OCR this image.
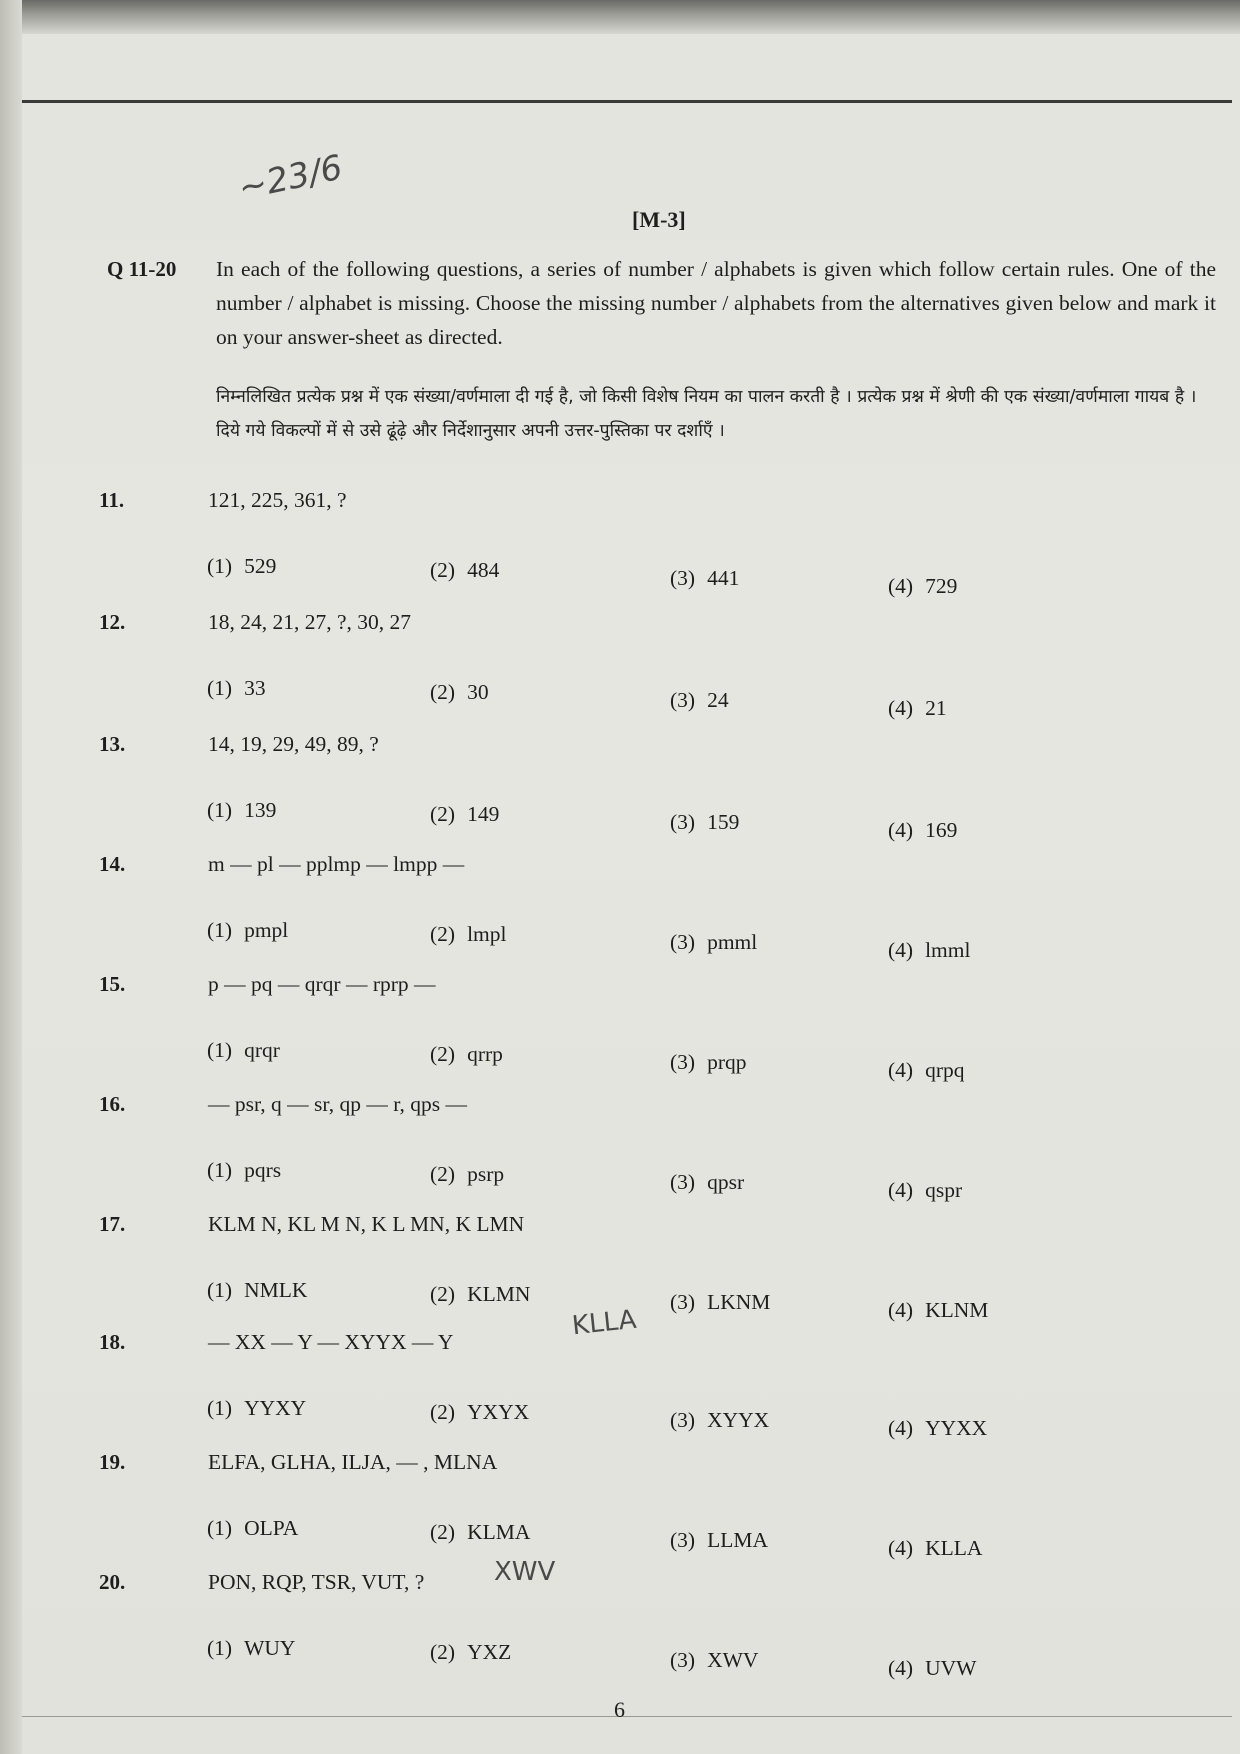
~23/6
[M-3]
Q 11-20 In each of the following questions, a series of number / alphabets is given which follow certain rules. One of the number / alphabet is missing. Choose the missing number / alphabets from the alternatives given below and mark it on your answer-sheet as directed.
निम्नलिखित प्रत्येक प्रश्न में एक संख्या/वर्णमाला दी गई है, जो किसी विशेष नियम का पालन करती है । प्रत्येक प्रश्न में श्रेणी की एक संख्या/वर्णमाला गायब है । दिये गये विकल्पों में से उसे ढूंढ़े और निर्देशानुसार अपनी उत्तर-पुस्तिका पर दर्शाएँ ।
11.	121, 225, 361, ?
(1) 529	(2) 484	(3) 441	(4) 729
12.	18, 24, 21, 27, ?, 30, 27
(1) 33	(2) 30	(3) 24	(4) 21
13.	14, 19, 29, 49, 89, ?
(1) 139	(2) 149	(3) 159	(4) 169
14.	m — pl — pplmp — lmpp —
(1) pmpl	(2) lmpl	(3) pmml	(4) lmml
15.	p — pq — qrqr — rprp —
(1) qrqr	(2) qrrp	(3) prqp	(4) qrpq
16.	— psr, q — sr, qp — r, qps —
(1) pqrs	(2) psrp	(3) qpsr	(4) qspr
17.	KLM N, KL M N, K L MN, K LMN
(1) NMLK	(2) KLMN	(3) LKNM	(4) KLNM
18.	— XX — Y — XYYX — Y
(1) YYXY	(2) YXYX	(3) XYYX	(4) YYXX
19.	ELFA, GLHA, ILJA, — , MLNA
(1) OLPA	(2) KLMA	(3) LLMA	(4) KLLA
20.	PON, RQP, TSR, VUT, ?
(1) WUY	(2) YXZ	(3) XWV	(4) UVW
KLLA
XWV
6
